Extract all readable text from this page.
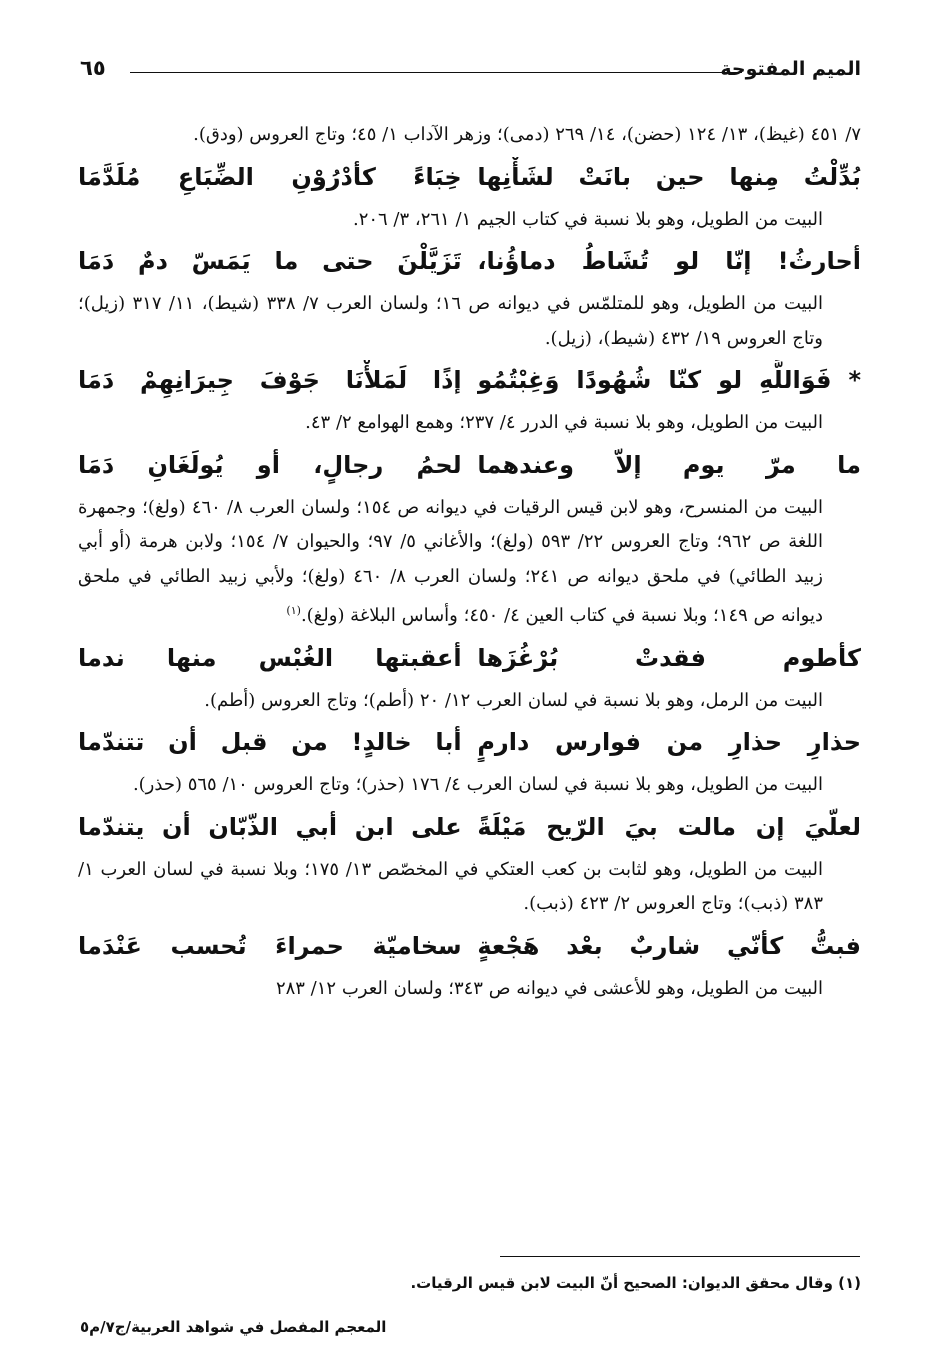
الميم المفتوحة
٦٥

٧/ ٤٥١ (غيظ)، ١٣/ ١٢٤ (حضن)، ١٤/ ٢٦٩ (دمى)؛ وزهر الآداب ١/ ٤٥؛ وتاج العروس (ودق).

بُدِّلْتُ مِنها حين بانَتْ لشَأْنِها
خِبَاءً كأدْرُوْنِ الضِّبَاعِ مُلَدَّمَا

البيت من الطويل، وهو بلا نسبة في كتاب الجيم ١/ ٢٦١، ٣/ ٢٠٦.

أحارثُ! إنّا لو تُشَاطُ دماؤُنا،
تَزَيَّلْنَ حتى ما يَمَسّ دمٌ دَمَا

البيت من الطويل، وهو للمتلمّس في ديوانه ص ١٦؛ ولسان العرب ٧/ ٣٣٨ (شيط)، ١١/ ٣١٧ (زيل)؛ وتاج العروس ١٩/ ٤٣٢ (شيط)، (زيل).

* فَوَاللَّهِ لو كنّا شُهُودًا وَغِبْتُمُو
إذًا لَمَلأْنَا جَوْفَ جِيرَانِهِمْ دَمَا

البيت من الطويل، وهو بلا نسبة في الدرر ٤/ ٢٣٧؛ وهمع الهوامع ٢/ ٤٣.

ما مرّ يوم إلاّ وعندهما
لحمُ رجالٍ، أو يُولَغَانِ دَمَا

البيت من المنسرح، وهو لابن قيس الرقيات في ديوانه ص ١٥٤؛ ولسان العرب ٨/ ٤٦٠ (ولغ)؛ وجمهرة اللغة ص ٩٦٢؛ وتاج العروس ٢٢/ ٥٩٣ (ولغ)؛ والأغاني ٥/ ٩٧؛ والحيوان ٧/ ١٥٤؛ ولابن هرمة (أو أبي زبيد الطائي) في ملحق ديوانه ص ٢٤١؛ ولسان العرب ٨/ ٤٦٠ (ولغ)؛ ولأبي زبيد الطائي في ملحق ديوانه ص ١٤٩؛ وبلا نسبة في كتاب العين ٤/ ٤٥٠؛ وأساس البلاغة (ولغ).$^{(١)}$

كأطوم فقدتْ بُرْغُزَها
أعقبتها الغُبْس منها ندما

البيت من الرمل، وهو بلا نسبة في لسان العرب ١٢/ ٢٠ (أطم)؛ وتاج العروس (أطم).

حذارِ حذارِ من فوارس دارمٍ
أبا خالدٍ! من قبل أن تتندّما

البيت من الطويل، وهو بلا نسبة في لسان العرب ٤/ ١٧٦ (حذر)؛ وتاج العروس ١٠/ ٥٦٥ (حذر).

لعلّيَ إن مالت بيَ الرّيح مَيْلَةً
على ابن أبي الذّبّان أن يتندّما

البيت من الطويل، وهو لثابت بن كعب العتكي في المخصّص ١٣/ ١٧٥؛ وبلا نسبة في لسان العرب ١/ ٣٨٣ (ذبب)؛ وتاج العروس ٢/ ٤٢٣ (ذبب).

فبتُّ كأنّي شاربٌ بعْد هَجْعةٍ
سخاميّة حمراءَ تُحسب عَنْدَما

البيت من الطويل، وهو للأعشى في ديوانه ص ٣٤٣؛ ولسان العرب ١٢/ ٢٨٣

(١) وقال محقق الديوان: الصحيح أنّ البيت لابن قيس الرقيات.
المعجم المفصل في شواهد العربية/ج٧/م٥
